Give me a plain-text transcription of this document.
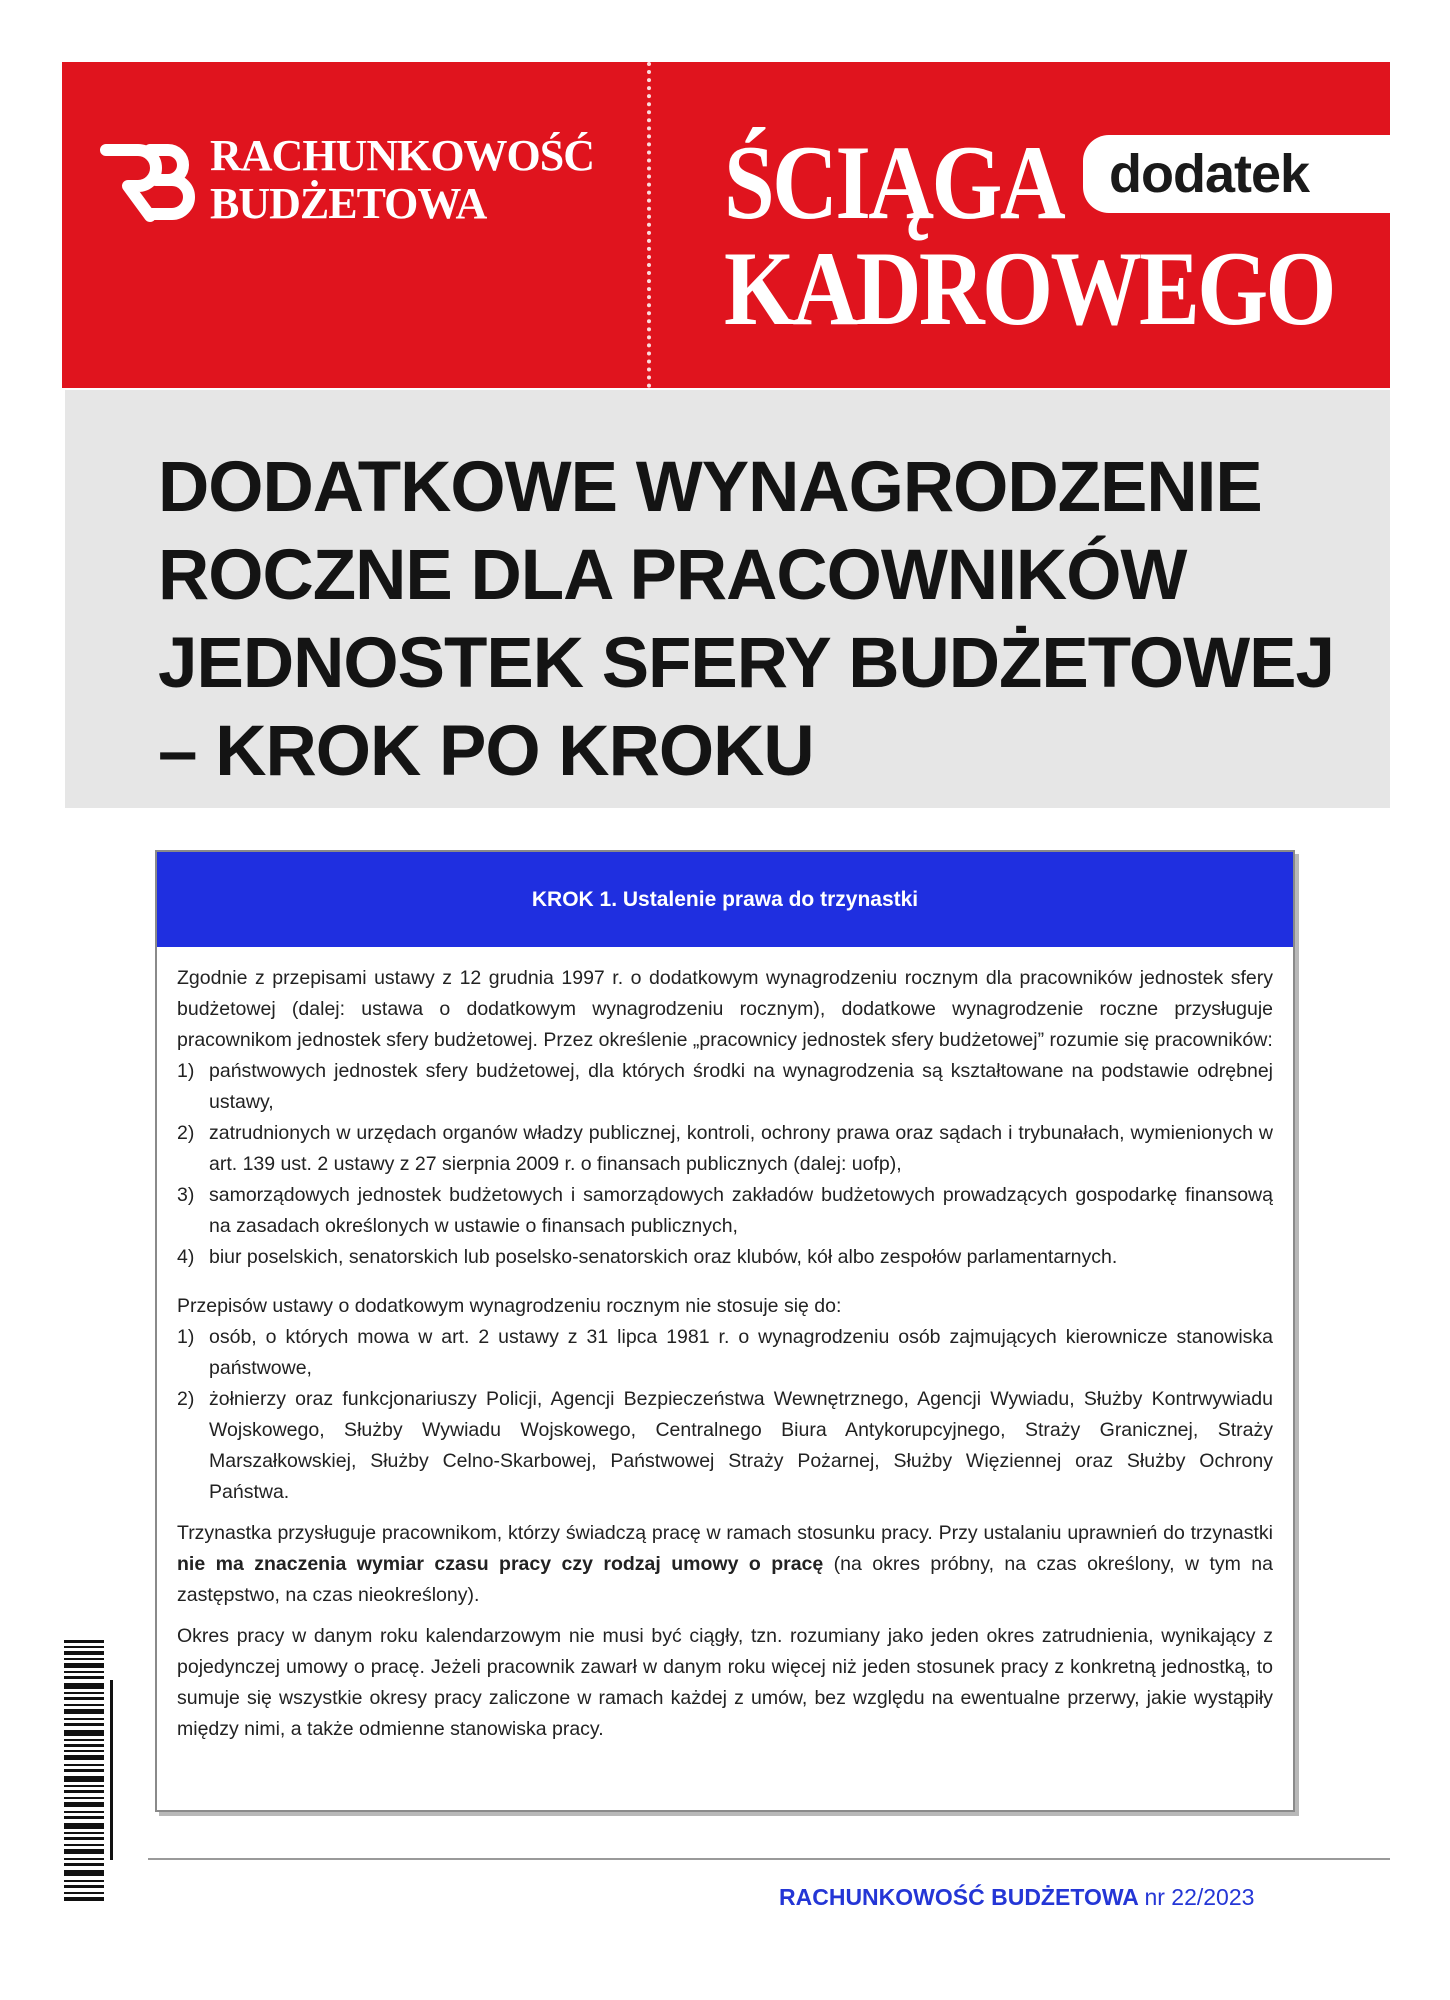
RACHUNKOWOŚĆ
BUDŻETOWA	ŚCIĄGA
KADROWEGO
dodatek
DODATKOWE WYNAGRODZENIE
ROCZNE DLA PRACOWNIKÓW
JEDNOSTEK SFERY BUDŻETOWEJ
– KROK PO KROKU
KROK 1. Ustalenie prawa do trzynastki

Zgodnie z przepisami ustawy z 12 grudnia 1997 r. o dodatkowym wynagrodzeniu rocznym dla pracowników jednostek sfery budżetowej (dalej: ustawa o dodatkowym wynagrodzeniu rocznym), dodatkowe wynagrodzenie roczne przysługuje pracownikom jednostek sfery budżetowej. Przez określenie „pracownicy jednostek sfery budżetowej” rozumie się pracowników:

1) państwowych jednostek sfery budżetowej, dla których środki na wynagrodzenia są kształtowane na podstawie odrębnej ustawy,
2) zatrudnionych w urzędach organów władzy publicznej, kontroli, ochrony prawa oraz sądach i trybunałach, wymienionych w art. 139 ust. 2 ustawy z 27 sierpnia 2009 r. o finansach publicznych (dalej: uofp),
3) samorządowych jednostek budżetowych i samorządowych zakładów budżetowych prowadzących gospodarkę finansową na zasadach określonych w ustawie o finansach publicznych,
4) biur poselskich, senatorskich lub poselsko-senatorskich oraz klubów, kół albo zespołów parlamentarnych.

Przepisów ustawy o dodatkowym wynagrodzeniu rocznym nie stosuje się do:

1) osób, o których mowa w art. 2 ustawy z 31 lipca 1981 r. o wynagrodzeniu osób zajmujących kierownicze stanowiska państwowe,
2) żołnierzy oraz funkcjonariuszy Policji, Agencji Bezpieczeństwa Wewnętrznego, Agencji Wywiadu, Służby Kontrwywiadu Wojskowego, Służby Wywiadu Wojskowego, Centralnego Biura Antykorupcyjnego, Straży Granicznej, Straży Marszałkowskiej, Służby Celno-Skarbowej, Państwowej Straży Pożarnej, Służby Więziennej oraz Służby Ochrony Państwa.

Trzynastka przysługuje pracownikom, którzy świadczą pracę w ramach stosunku pracy. Przy ustalaniu uprawnień do trzynastki nie ma znaczenia wymiar czasu pracy czy rodzaj umowy o pracę (na okres próbny, na czas określony, w tym na zastępstwo, na czas nieokreślony).

Okres pracy w danym roku kalendarzowym nie musi być ciągły, tzn. rozumiany jako jeden okres zatrudnienia, wynikający z pojedynczej umowy o pracę. Jeżeli pracownik zawarł w danym roku więcej niż jeden stosunek pracy z konkretną jednostką, to sumuje się wszystkie okresy pracy zaliczone w ramach każdej z umów, bez względu na ewentualne przerwy, jakie wystąpiły między nimi, a także odmienne stanowiska pracy.

RACHUNKOWOŚĆ BUDŻETOWA nr 22/2023
